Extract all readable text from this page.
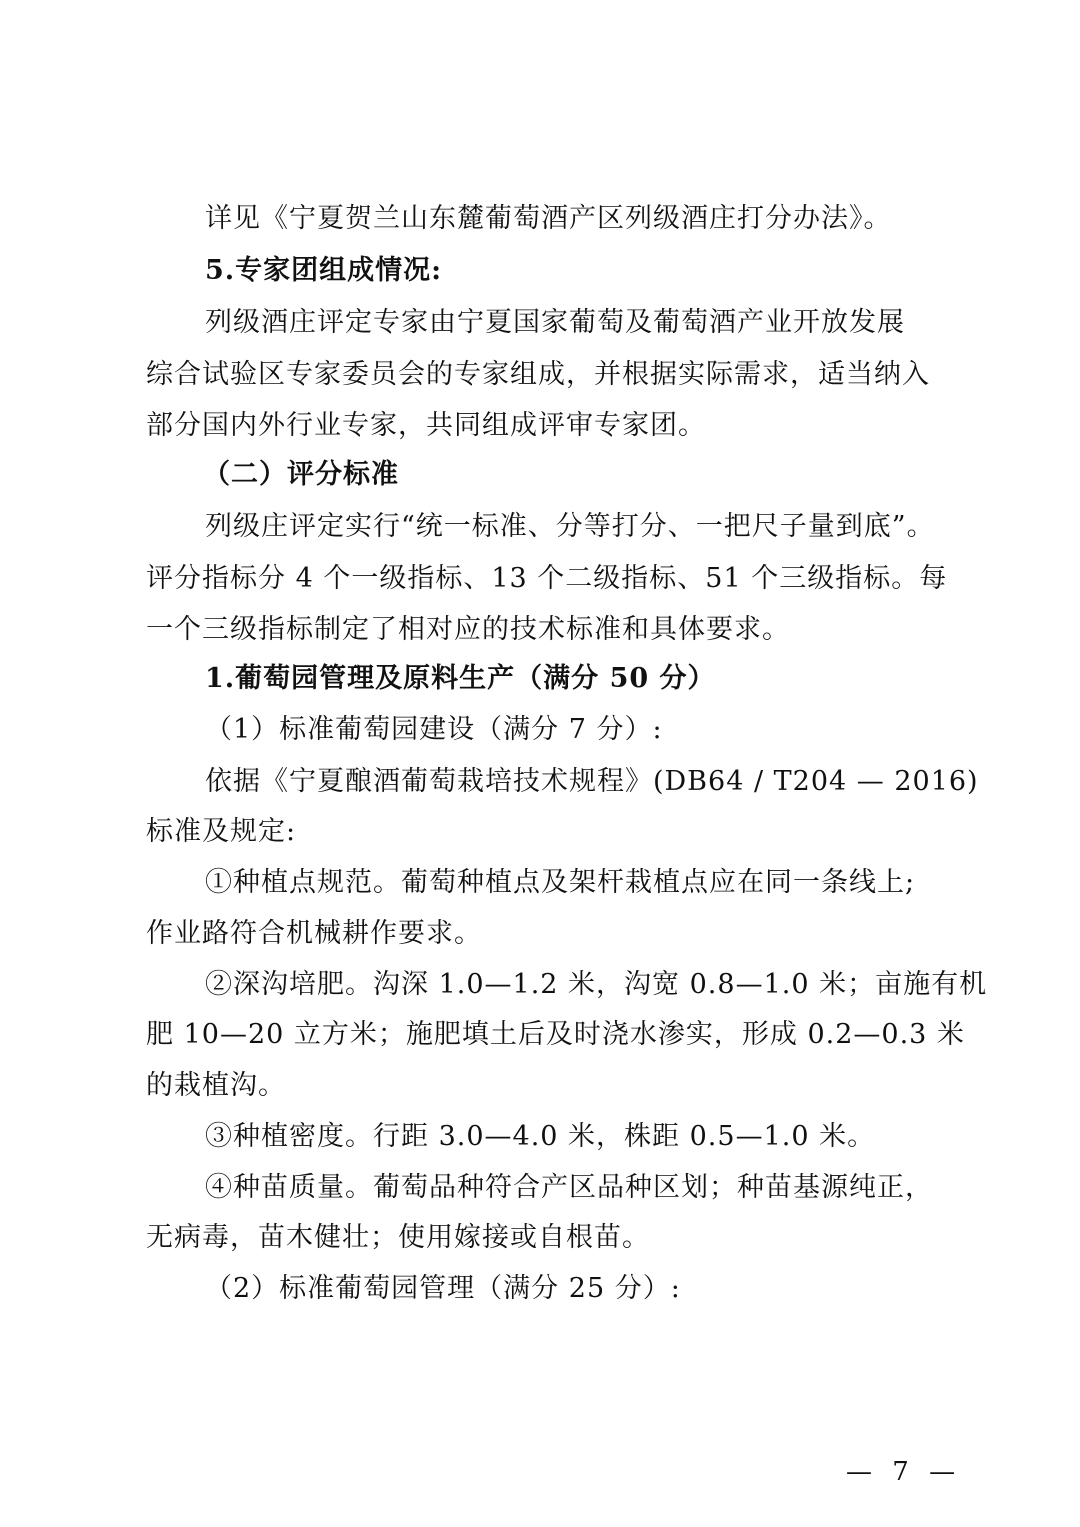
详见《宁夏贺兰山东麓葡萄酒产区列级酒庄打分办法》。
5.专家团组成情况:
列级酒庄评定专家由宁夏国家葡萄及葡萄酒产业开放发展
综合试验区专家委员会的专家组成，并根据实际需求，适当纳入
部分国内外行业专家，共同组成评审专家团。
（二）评分标准
列级庄评定实行“统一标准、分等打分、一把尺子量到底”。
评分指标分 4 个一级指标、13 个二级指标、51 个三级指标。每
一个三级指标制定了相对应的技术标准和具体要求。
1.葡萄园管理及原料生产（满分 50 分）
（1）标准葡萄园建设（满分 7 分）:
依据《宁夏酿酒葡萄栽培技术规程》(DB64 / T204 — 2016)
标准及规定:
①种植点规范。葡萄种植点及架杆栽植点应在同一条线上;
作业路符合机械耕作要求。
②深沟培肥。沟深 1.0—1.2 米，沟宽 0.8—1.0 米；亩施有机
肥 10—20 立方米；施肥填土后及时浇水渗实，形成 0.2—0.3 米
的栽植沟。
③种植密度。行距 3.0—4.0 米，株距 0.5—1.0 米。
④种苗质量。葡萄品种符合产区品种区划；种苗基源纯正，
无病毒，苗木健壮；使用嫁接或自根苗。
（2）标准葡萄园管理（满分 25 分）:
— 7 —
